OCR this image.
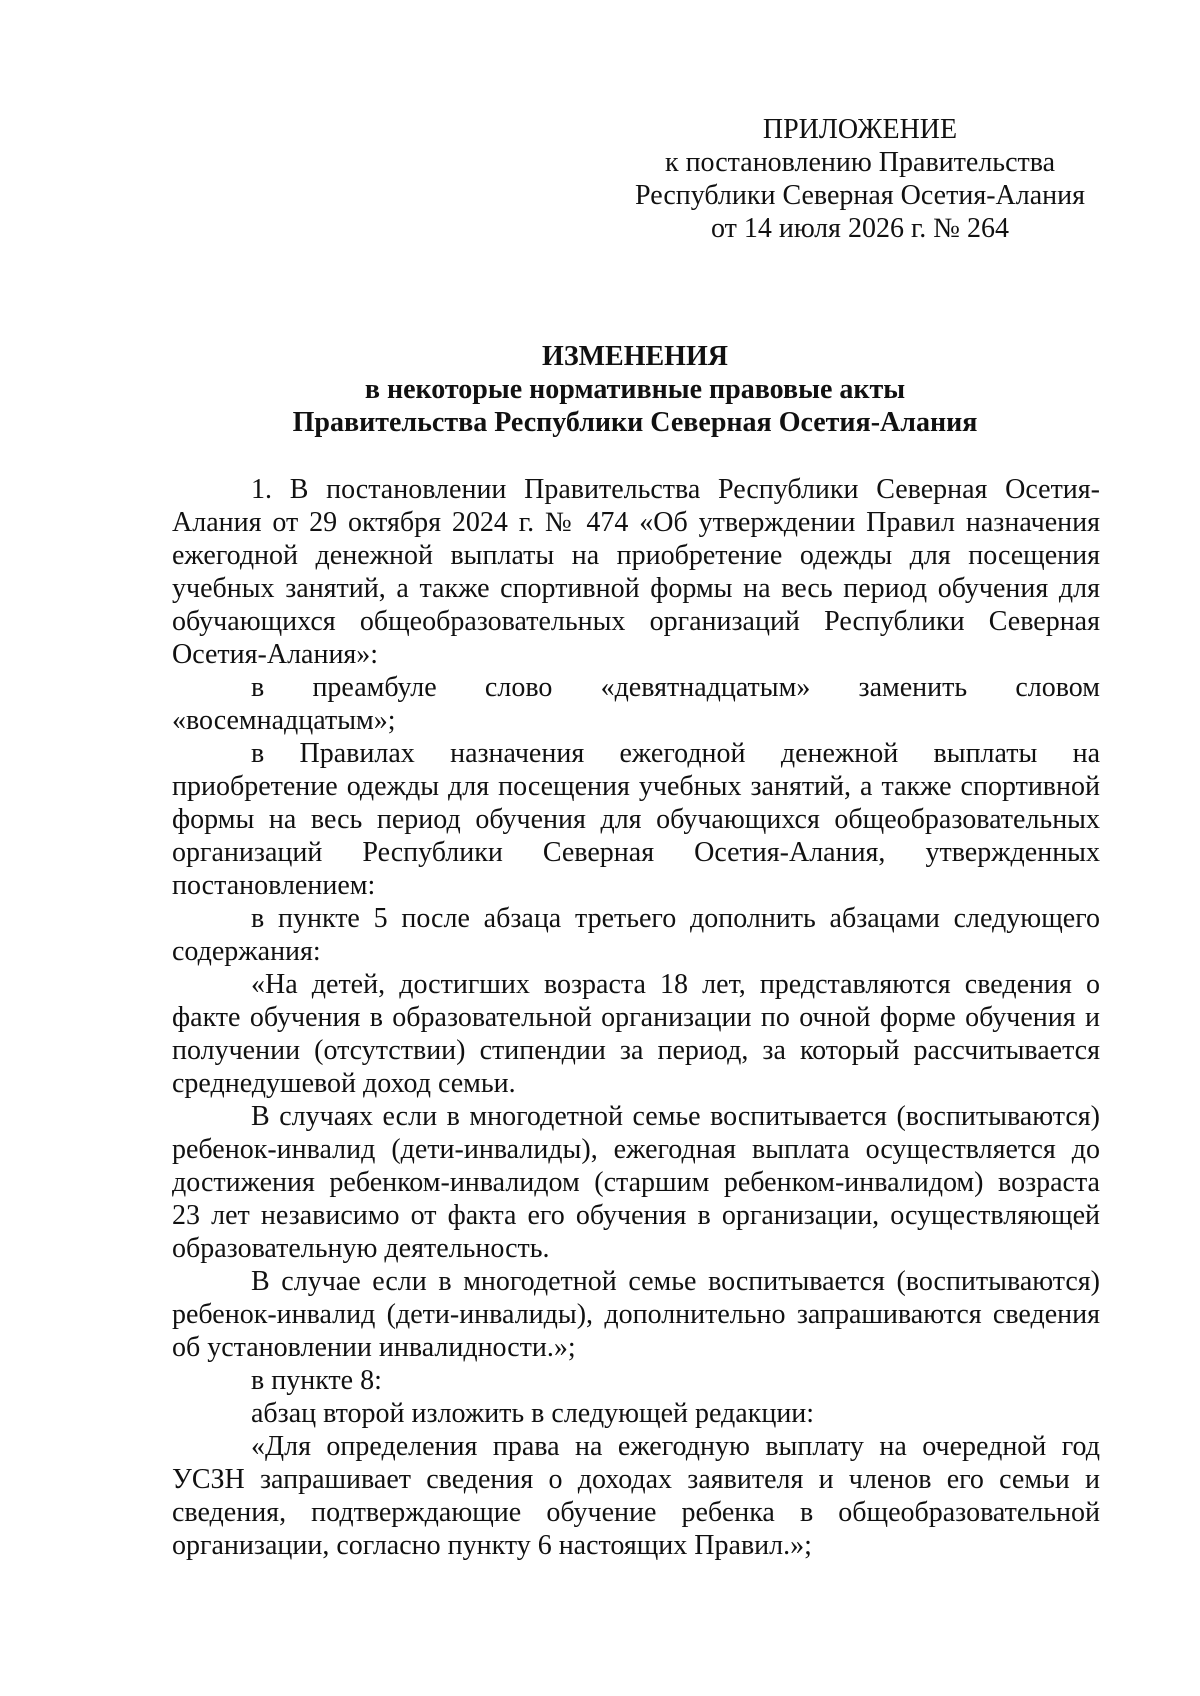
ПРИЛОЖЕНИЕ
к постановлению Правительства
Республики Северная Осетия-Алания
от 14 июля 2026 г. № 264
ИЗМЕНЕНИЯ
в некоторые нормативные правовые акты
Правительства Республики Северная Осетия-Алания

1. В постановлении Правительства Республики Северная Осетия-Алания от 29 октября 2024 г. № 474 «Об утверждении Правил назначения ежегодной денежной выплаты на приобретение одежды для посещения учебных занятий, а также спортивной формы на весь период обучения для обучающихся общеобразовательных организаций Республики Северная Осетия-Алания»:

в преамбуле слово «девятнадцатым» заменить словом «восемнадцатым»;

в Правилах назначения ежегодной денежной выплаты на приобретение одежды для посещения учебных занятий, а также спортивной формы на весь период обучения для обучающихся общеобразовательных организаций Республики Северная Осетия-Алания, утвержденных постановлением:

в пункте 5 после абзаца третьего дополнить абзацами следующего содержания:

«На детей, достигших возраста 18 лет, представляются сведения о факте обучения в образовательной организации по очной форме обучения и получении (отсутствии) стипендии за период, за который рассчитывается среднедушевой доход семьи.

В случаях если в многодетной семье воспитывается (воспитываются) ребенок-инвалид (дети-инвалиды), ежегодная выплата осуществляется до достижения ребенком-инвалидом (старшим ребенком-инвалидом) возраста 23 лет независимо от факта его обучения в организации, осуществляющей образовательную деятельность.

В случае если в многодетной семье воспитывается (воспитываются) ребенок-инвалид (дети-инвалиды), дополнительно запрашиваются сведения об установлении инвалидности.»;

в пункте 8:

абзац второй изложить в следующей редакции:

«Для определения права на ежегодную выплату на очередной год УСЗН запрашивает сведения о доходах заявителя и членов его семьи и сведения, подтверждающие обучение ребенка в общеобразовательной организации, согласно пункту 6 настоящих Правил.»;
